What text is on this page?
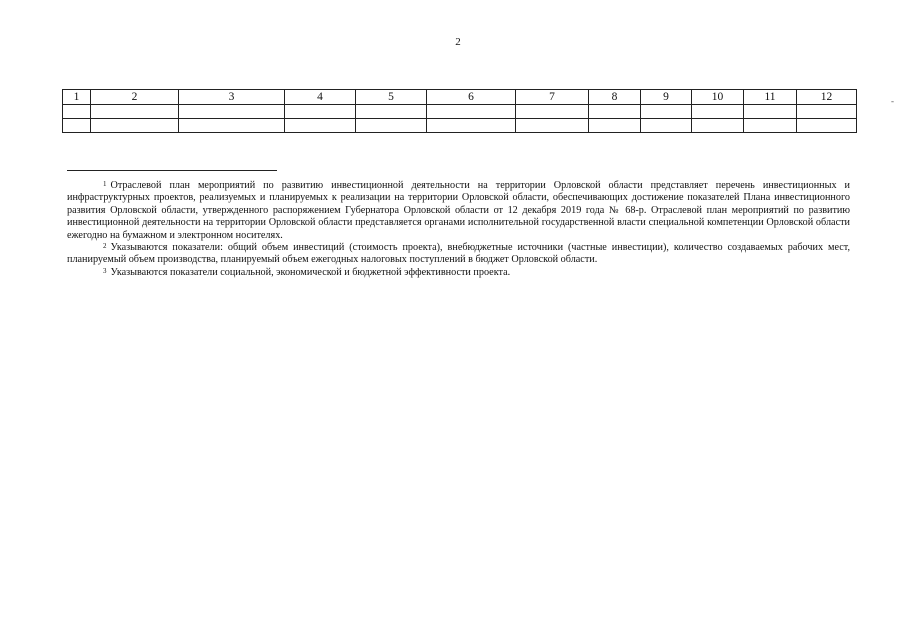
2
1	2	3	4	5	6	7	8	9	10	11	12

												-

$^1$ Отраслевой план мероприятий по развитию инвестиционной деятельности на территории Орловской области представляет перечень инвестиционных и инфраструктурных проектов, реализуемых и планируемых к реализации на территории Орловской области, обеспечивающих достижение показателей Плана инвестиционного развития Орловской области, утвержденного распоряжением Губернатора Орловской области от 12 декабря 2019 года № 68-р. Отраслевой план мероприятий по развитию инвестиционной деятельности на территории Орловской области представляется органами исполнительной государственной власти специальной компетенции Орловской области ежегодно на бумажном и электронном носителях.

$^2$ Указываются показатели: общий объем инвестиций (стоимость проекта), внебюджетные источники (частные инвестиции), количество создаваемых рабочих мест, планируемый объем производства, планируемый объем ежегодных налоговых поступлений в бюджет Орловской области.

$^3$ Указываются показатели социальной, экономической и бюджетной эффективности проекта.
